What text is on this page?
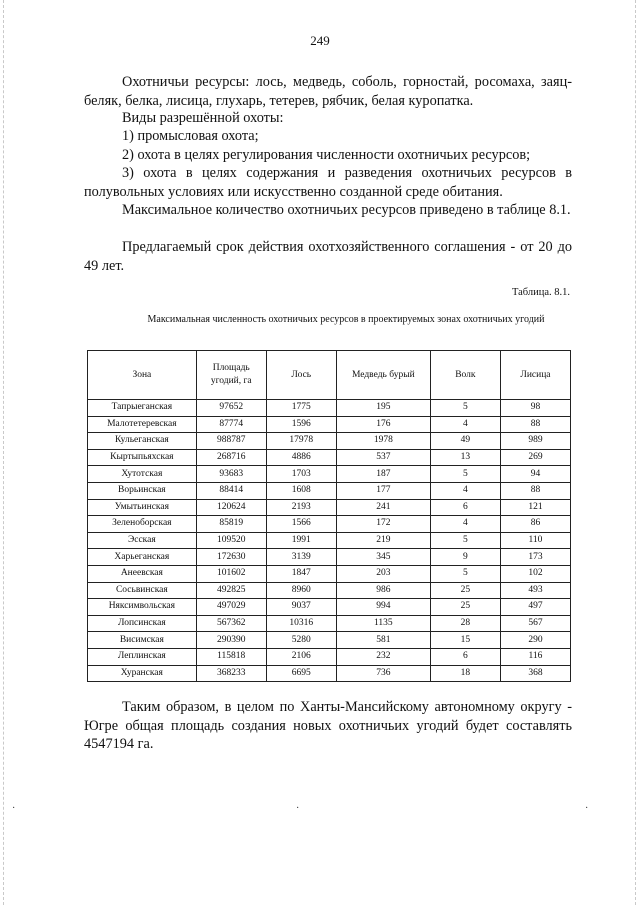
249

Охотничьи ресурсы: лось, медведь, соболь, горностай, росомаха, заяц-беляк, белка, лисица, глухарь, тетерев, рябчик, белая куропатка.

Виды разрешённой охоты:

1) промысловая охота;

2) охота в целях регулирования численности охотничьих ресурсов;

3) охота в целях содержания и разведения охотничьих ресурсов в полувольных условиях или искусственно созданной среде обитания.

Максимальное количество охотничьих ресурсов приведено в таблице 8.1.

Предлагаемый срок действия охотхозяйственного соглашения - от 20 до 49 лет.

Таблица. 8.1.
Максимальная численность охотничьих ресурсов в проектируемых зонах охотничьих угодий
Зона	Площадь угодий, га	Лось	Медведь бурый	Волк	Лисица
Тапрыеганская	97652	1775	195	5	98
Малотетеревская	87774	1596	176	4	88
Кульеганская	988787	17978	1978	49	989
Кыртыпьяхская	268716	4886	537	13	269
Хутотская	93683	1703	187	5	94
Ворьинская	88414	1608	177	4	88
Умытьинская	120624	2193	241	6	121
Зеленоборская	85819	1566	172	4	86
Эсская	109520	1991	219	5	110
Харьеганская	172630	3139	345	9	173
Анеевская	101602	1847	203	5	102
Сосьвинская	492825	8960	986	25	493
Няксимвольская	497029	9037	994	25	497
Лопсинская	567362	10316	1135	28	567
Висимская	290390	5280	581	15	290
Леплинская	115818	2106	232	6	116
Хуранская	368233	6695	736	18	368

Таким образом, в целом по Ханты-Мансийскому автономному округу - Югре общая площадь создания новых охотничьих угодий будет составлять 4547194 га.

·	·	·
